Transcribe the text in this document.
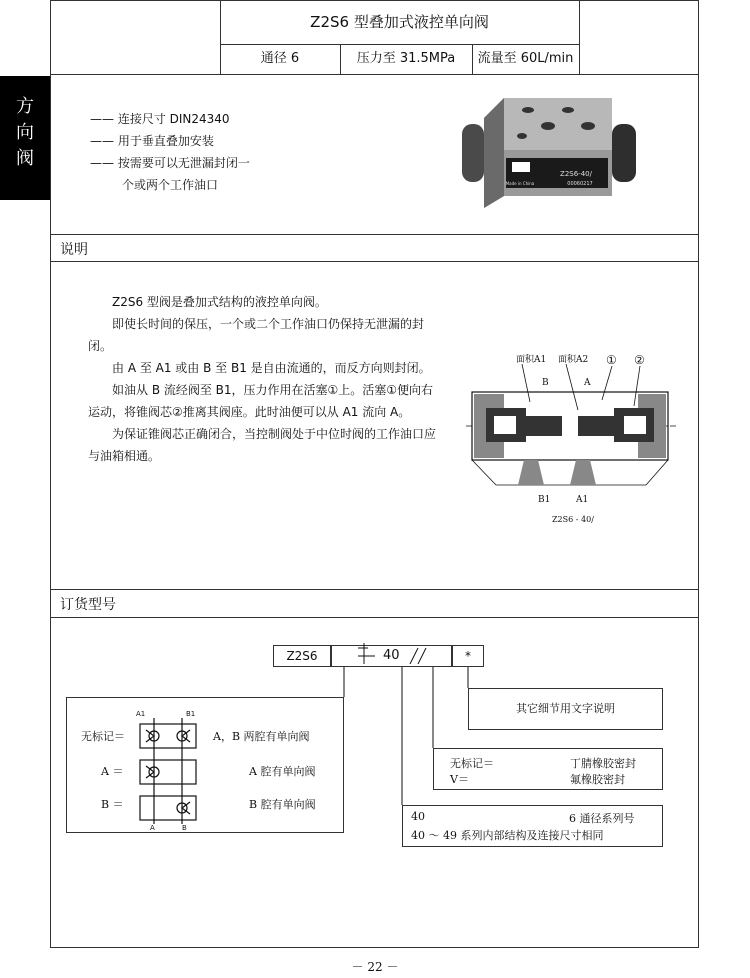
Z2S6 型叠加式液控单向阀
通径 6	压力至 31.5MPa	流量至 60L/min
方
向
阀
—— 连接尺寸 DIN24340
—— 用于垂直叠加安装
—— 按需要可以无泄漏封闭一
个或两个工作油口
Z2S6-40/
00060217
Made in China
说明

Z2S6 型阀是叠加式结构的液控单向阀。

即使长时间的保压，一个或二个工作油口仍保持无泄漏的封闭。

由 A 至 A1 或由 B 至 B1 是自由流通的，而反方向则封闭。

如油从 B 流经阀至 B1，压力作用在活塞①上。活塞①便向右运动，将锥阀芯②推离其阀座。此时油便可以从 A1 流向 A。

为保证锥阀芯正确闭合，当控制阀处于中位时阀的工作油口应与油箱相通。

面积A1 面积A2 ① ②
B	A
B1	A1
Z2S6 - 40/
订货型号
Z2S6	40	*
其它细节用文字说明
无标记＝	丁腈橡胶密封
V＝	氟橡胶密封
40	6 通径系列号
40 ～ 49 系列内部结构及连接尺寸相同
无标记＝	A，B 两腔有单向阀
A ＝	A 腔有单向阀
B ＝	B 腔有单向阀
A1	B1
A	B
－ 22 －
